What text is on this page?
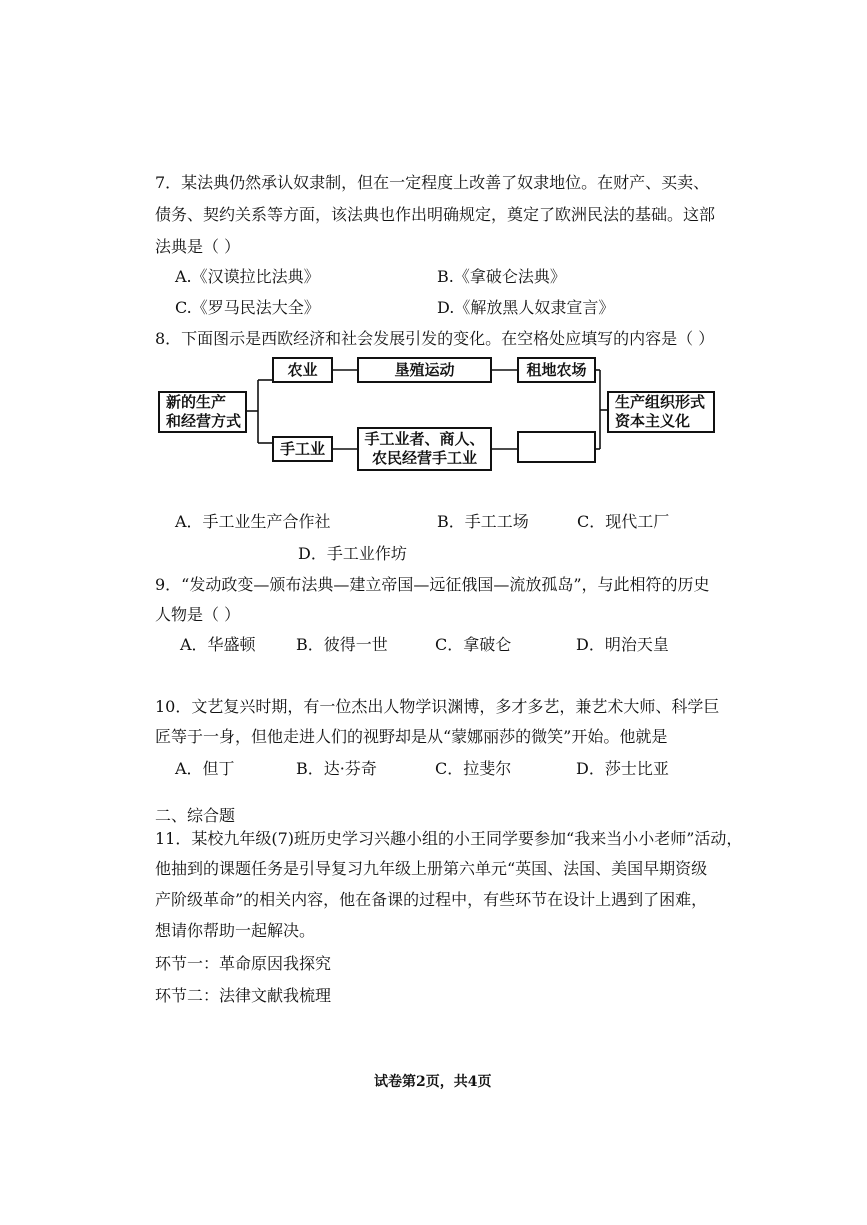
7．某法典仍然承认奴隶制，但在一定程度上改善了奴隶地位。在财产、买卖、
债务、契约关系等方面，该法典也作出明确规定，奠定了欧洲民法的基础。这部
法典是（ ）
A.《汉谟拉比法典》	B.《拿破仑法典》
C.《罗马民法大全》	D.《解放黑人奴隶宣言》
8．下面图示是西欧经济和社会发展引发的变化。在空格处应填写的内容是（ ）
新的生产
和经营方式
农业	垦殖运动	租地农场
手工业
手工业者、商人、
农民经营手工业
生产组织形式
资本主义化
A．手工业生产合作社	B．手工工场	C．现代工厂
D．手工业作坊
9．“发动政变—颁布法典—建立帝国—远征俄国—流放孤岛”，与此相符的历史
人物是（ ）
A．华盛顿	B．彼得一世	C．拿破仑	D．明治天皇
10．文艺复兴时期，有一位杰出人物学识渊博，多才多艺，兼艺术大师、科学巨
匠等于一身，但他走进人们的视野却是从“蒙娜丽莎的微笑”开始。他就是
A．但丁	B．达·芬奇	C．拉斐尔	D．莎士比亚
二、综合题
11．某校九年级(7)班历史学习兴趣小组的小王同学要参加“我来当小小老师”活动，
他抽到的课题任务是引导复习九年级上册第六单元“英国、法国、美国早期资级
产阶级革命”的相关内容，他在备课的过程中，有些环节在设计上遇到了困难，
想请你帮助一起解决。
环节一：革命原因我探究
环节二：法律文献我梳理
试卷第2页，共4页
